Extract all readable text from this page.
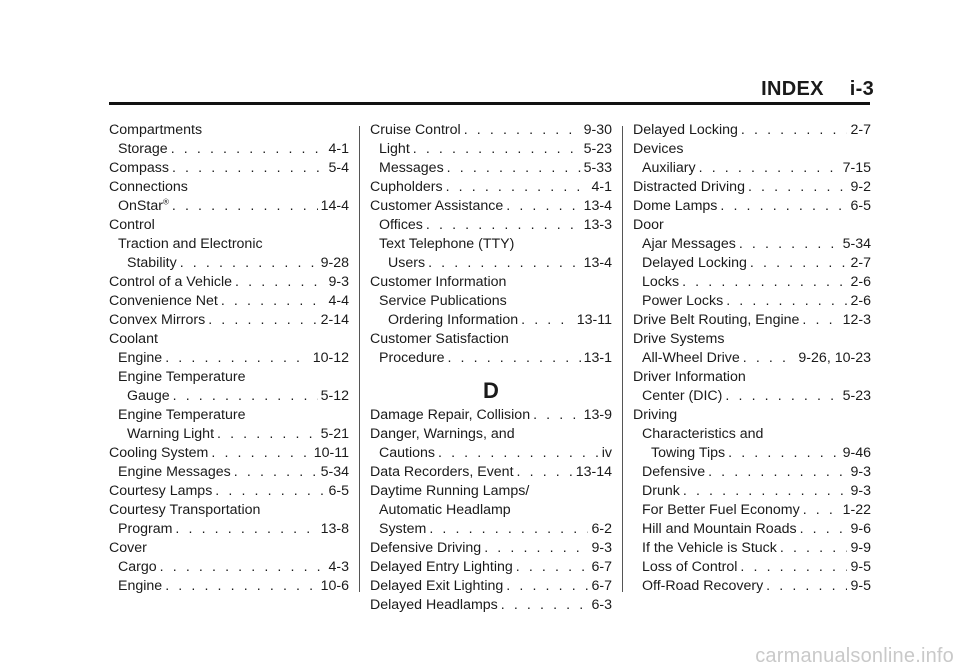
INDEX i-3
Compartments
Storage . . .	4-1
Compass . . .	5-4
Connections
OnStar® . . .	14-4
Control
Traction and Electronic
Stability . . .	9-28
Control of a Vehicle . . .	9-3
Convenience Net . . .	4-4
Convex Mirrors . . .	2-14
Coolant
Engine . . .	10-12
Engine Temperature
Gauge . . .	5-12
Engine Temperature
Warning Light . . .	5-21
Cooling System . . .	10-11
Engine Messages . . .	5-34
Courtesy Lamps . . .	6-5
Courtesy Transportation
Program . . .	13-8
Cover
Cargo . . .	4-3
Engine . . .	10-6
Cruise Control . . .	9-30
Light . . .	5-23
Messages . . .	5-33
Cupholders . . .	4-1
Customer Assistance . . .	13-4
Offices . . .	13-3
Text Telephone (TTY)
Users . . .	13-4
Customer Information
Service Publications
Ordering Information . . .	13-11
Customer Satisfaction
Procedure . . .	13-1
D
Damage Repair, Collision . . .	13-9
Danger, Warnings, and
Cautions . . .	iv
Data Recorders, Event . . .	13-14
Daytime Running Lamps/
Automatic Headlamp
System . . .	6-2
Defensive Driving . . .	9-3
Delayed Entry Lighting . . .	6-7
Delayed Exit Lighting . . .	6-7
Delayed Headlamps . . .	6-3
Delayed Locking . . .	2-7
Devices
Auxiliary . . .	7-15
Distracted Driving . . .	9-2
Dome Lamps . . .	6-5
Door
Ajar Messages . . .	5-34
Delayed Locking . . .	2-7
Locks . . .	2-6
Power Locks . . .	2-6
Drive Belt Routing, Engine . . .	12-3
Drive Systems
All-Wheel Drive . . .	9-26, 10-23
Driver Information
Center (DIC) . . .	5-23
Driving
Characteristics and
Towing Tips . . .	9-46
Defensive . . .	9-3
Drunk . . .	9-3
For Better Fuel Economy . . .	1-22
Hill and Mountain Roads . . .	9-6
If the Vehicle is Stuck . . .	9-9
Loss of Control . . .	9-5
Off-Road Recovery . . .	9-5
carmanualsonline.info
